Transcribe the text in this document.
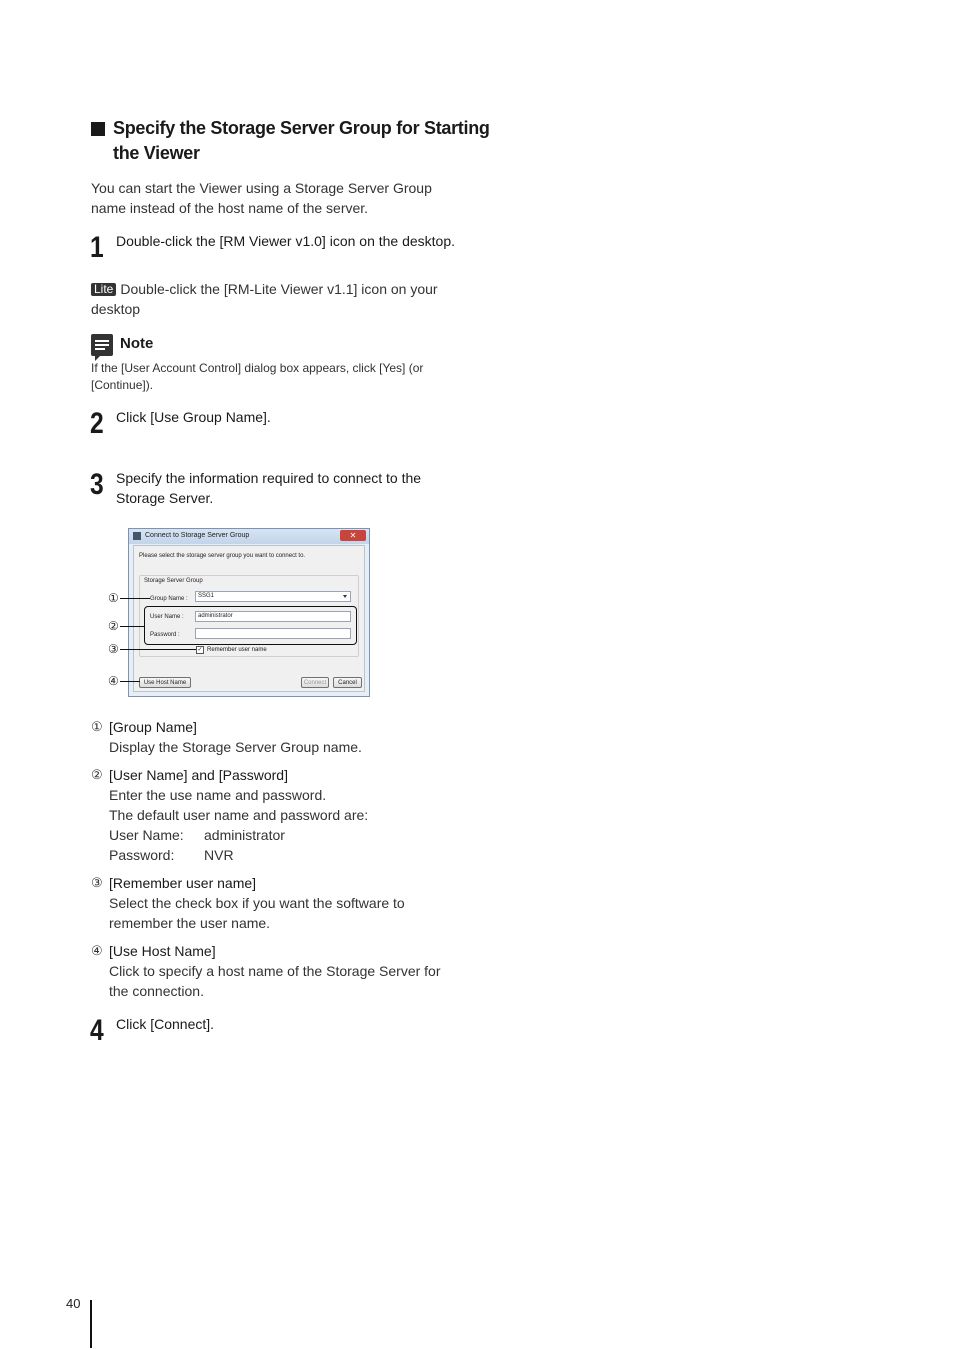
Specify the Storage Server Group for Starting
the Viewer
You can start the Viewer using a Storage Server Group
name instead of the host name of the server.
1 Double-click the [RM Viewer v1.0] icon on the desktop.
Lite Double-click the [RM-Lite Viewer v1.1] icon on your
desktop
Note
If the [User Account Control] dialog box appears, click [Yes] (or
[Continue]).
2 Click [Use Group Name].
3 Specify the information required to connect to the
Storage Server.
Connect to Storage Server Group	✕
Please select the storage server group you want to connect to.
Storage Server Group
Group Name : SSG1
User Name :	administrator
Password :
✓ Remember user name
Use Host Name	Connect	Cancel
①
②
③
④
① [Group Name]
Display the Storage Server Group name.
② [User Name] and [Password]
Enter the use name and password.
The default user name and password are:
User Name: administrator
Password: NVR
③ [Remember user name]
Select the check box if you want the software to
remember the user name.
④ [Use Host Name]
Click to specify a host name of the Storage Server for
the connection.
4 Click [Connect].
40
